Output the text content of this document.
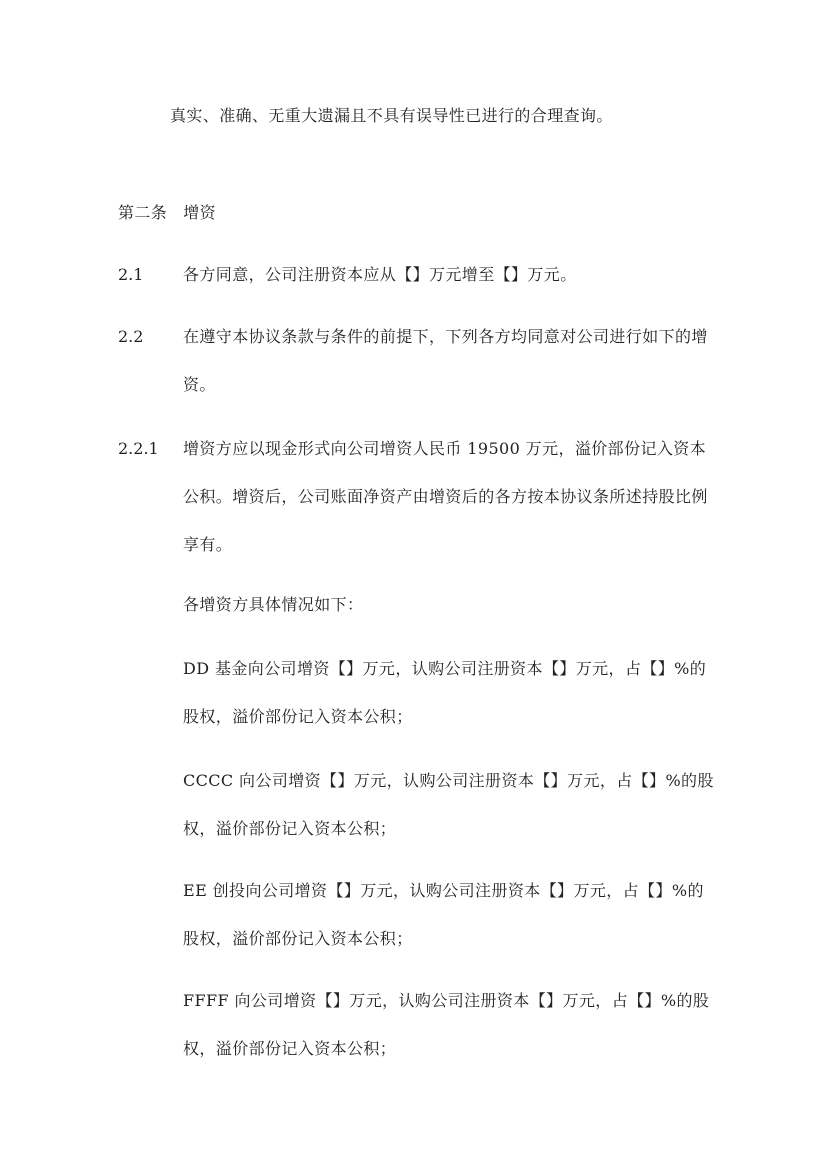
真实、准确、无重大遗漏且不具有误导性已进行的合理查询。
第二条 增资
2.1 各方同意，公司注册资本应从【】万元增至【】万元。
2.2 在遵守本协议条款与条件的前提下，下列各方均同意对公司进行如下的增
资。
2.2.1 增资方应以现金形式向公司增资人民币 19500 万元，溢价部份记入资本
公积。增资后，公司账面净资产由增资后的各方按本协议条所述持股比例
享有。
各增资方具体情况如下：
DD 基金向公司增资【】万元，认购公司注册资本【】万元，占【】%的
股权，溢价部份记入资本公积；
CCCC 向公司增资【】万元，认购公司注册资本【】万元，占【】%的股
权，溢价部份记入资本公积；
EE 创投向公司增资【】万元，认购公司注册资本【】万元，占【】%的
股权，溢价部份记入资本公积；
FFFF 向公司增资【】万元，认购公司注册资本【】万元，占【】%的股
权，溢价部份记入资本公积；
